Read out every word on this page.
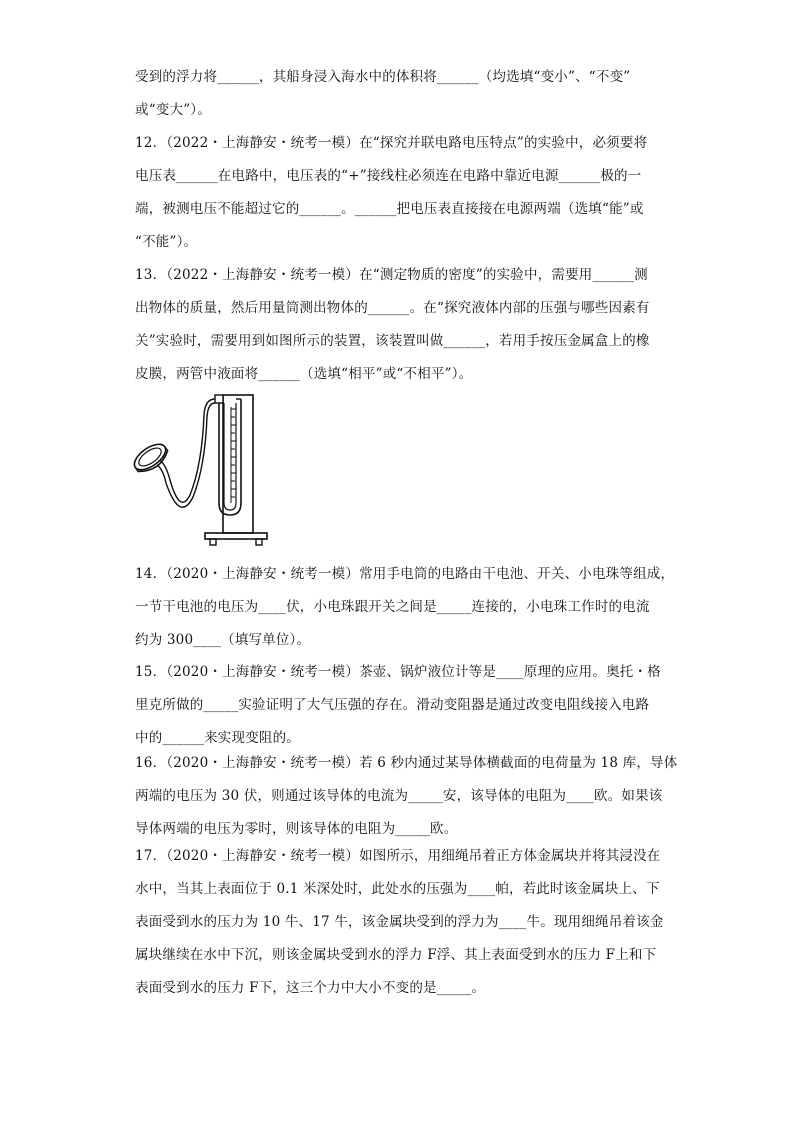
受到的浮力将______，其船身浸入海水中的体积将______（均选填“变小”、“不变”
或“变大”）。
12．（2022・上海静安・统考一模）在“探究并联电路电压特点”的实验中，必须要将
电压表______在电路中，电压表的“+”接线柱必须连在电路中靠近电源______极的一
端，被测电压不能超过它的______。______把电压表直接接在电源两端（选填“能”或
“不能”）。
13．（2022・上海静安・统考一模）在“测定物质的密度”的实验中，需要用______测
出物体的质量，然后用量筒测出物体的______。在“探究液体内部的压强与哪些因素有
关”实验时，需要用到如图所示的装置，该装置叫做______，若用手按压金属盒上的橡
皮膜，两管中液面将______（选填“相平”或“不相平”）。
14．（2020・上海静安・统考一模）常用手电筒的电路由干电池、开关、小电珠等组成，
一节干电池的电压为____伏，小电珠跟开关之间是_____连接的，小电珠工作时的电流
约为 300____（填写单位）。
15．（2020・上海静安・统考一模）茶壶、锅炉液位计等是____原理的应用。奥托・格
里克所做的_____实验证明了大气压强的存在。滑动变阻器是通过改变电阻线接入电路
中的______来实现变阻的。
16．（2020・上海静安・统考一模）若 6 秒内通过某导体横截面的电荷量为 18 库，导体
两端的电压为 30 伏，则通过该导体的电流为_____安，该导体的电阻为____欧。如果该
导体两端的电压为零时，则该导体的电阻为_____欧。
17．（2020・上海静安・统考一模）如图所示，用细绳吊着正方体金属块并将其浸没在
水中，当其上表面位于 0.1 米深处时，此处水的压强为____帕，若此时该金属块上、下
表面受到水的压力为 10 牛、17 牛，该金属块受到的浮力为____牛。现用细绳吊着该金
属块继续在水中下沉，则该金属块受到水的浮力 F浮、其上表面受到水的压力 F上和下
表面受到水的压力 F下，这三个力中大小不变的是_____。
